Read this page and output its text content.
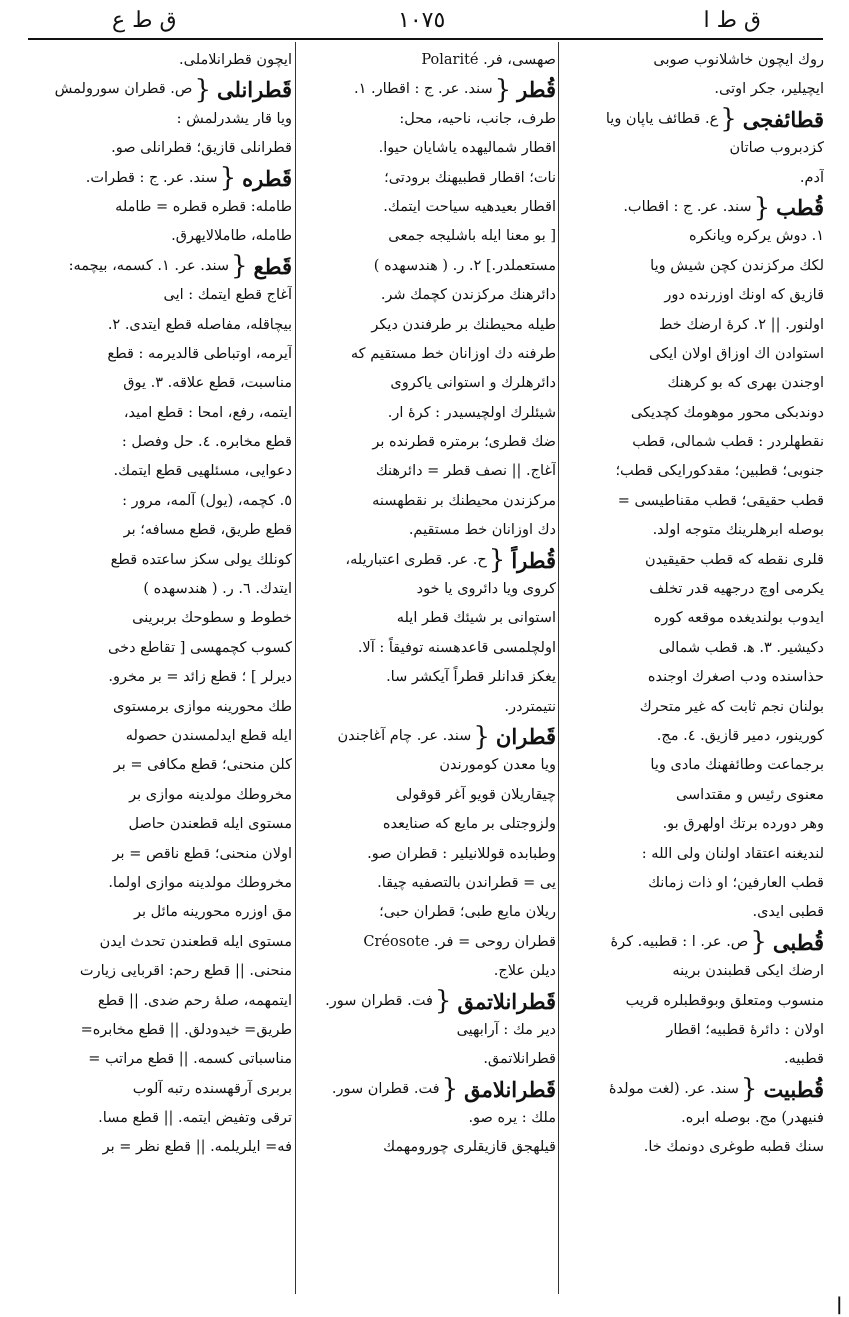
ق ط ع	١٠٧٥	ق ط ا
روك ايچون خاشلانوب صوبى
ايچيلير، جكر اوتى.
قطائفجى
{
ع. قطائف ياپان ويا
كزدبروب صاتان
آدم.
قُطب
{
سند. عر. ج : اقطاب.
١. دوش يركره ويانكره
لكك مركزندن كچن شيش ويا
قازيق كه اونك اوزرنده دور
اولنور. || ٢. كرهٔ ارضك خط
استوادن اك اوزاق اولان ايكى
اوجندن بهرى كه بو كرهنك
دوندبكى محور موهومك كچديكى
نقطهلردر : قطب شمالى، قطب
جنوبى؛ قطبين؛ مقدكورايكى قطب؛
قطب حقيقى؛ قطب مقناطيسى =
بوصله ابرهلرينك متوجه اولد.
قلرى نقطه كه قطب حقيقيدن
يكرمى اوچ درجهيه قدر تخلف
ايدوب بولنديغده موقعه كوره
دكيشير. ٣. ﻫ. قطب شمالى
حذاسنده ودب اصغرك اوجنده
بولنان نجم ثابت كه غير متحرك
كورينور، دمير قازيق. ٤. مج.
برجماعت وطائفهنك مادى ويا
معنوى رئيس و مقتداسى
وهر دورده برتك اولهرق بو.
لنديغنه اعتقاد اولنان ولى الله :
قطب العارفين؛ او ذات زمانك
قطبى ايدى.
قُطبى
{
ص. عر. ا : قطبيه. كرهٔ
ارضك ايكى قطبندن برينه
منسوب ومتعلق وبوقطبلره قريب
اولان : دائرهٔ قطبيه؛ اقطار
قطبيه.
قُطبيت
{
سند. عر. (لغت مولدهٔ
فنيهدر) مج. بوصله ابره.
سنك قطبه طوغرى دونمك خا.
صهسى، فر. Polarité
قُطر
{
سند. عر. ج : اقطار. ١.
طرف، جانب، ناحيه، محل:
اقطار شماليهده ياشايان حيوا.
نات؛ اقطار قطبيهنك برودتى؛
اقطار بعيدهيه سياحت ايتمك.
[ بو معنا ايله باشليجه جمعى
مستعملدر.] ٢. ر. ( هندسهده )
دائرهنك مركزندن كچمك شر.
طيله محيطنك بر طرفندن ديكر
طرفنه دك اوزانان خط مستقيم كه
دائرهلرك و استوانى ياكروى
شيئلرك اولچيسيدر : كرهٔ ار.
ضك قطرى؛ برمتره قطرنده بر
آغاج. || نصف قطر = دائرهنك
مركزندن محيطنك بر نقطهسنه
دك اوزانان خط مستقيم.
قُطراً
{
ح. عر. قطرى اعتباريله،
كروى ويا دائروى يا خود
استوانى بر شيئك قطر ايله
اولچلمسى قاعدهسنه توفيقاً : آلا.
يغكز قدانلر قطراً آيكشر سا.
نتيمتردر.
قَطران
{
سند. عر. چام آغاجندن
ويا معدن كومورندن
چيقاريلان قويو آغر قوقولى
ولزوجتلى بر مايع كه صنايعده
وطبابده قوللانيلير : قطران صو.
يى = قطراندن بالتصفيه چيقا.
ريلان مايع طبى؛ قطران حبى؛
قطران روحى = فر. Créosote
ديلن علاج.
قَطرانلاتمق
{
فت. قطران سور.
دير مك : آرابهيى
قطرانلاتمق.
قَطرانلامق
{
فت. قطران سور.
ملك : يره صو.
قيلهجق قازيقلرى چورومهمك
ايچون قطرانلاملى.
قَطرانلى
{
ص. قطران سورولمش
ويا قار يشدرلمش :
قطرانلى قازيق؛ قطرانلى صو.
قَطره
{
سند. عر. ج : قطرات.
طامله: قطره قطره = طامله
طامله، طاملالايهرق.
قَطع
{
سند. عر. ١. كسمه، بيچمه:
آغاج قطع ايتمك : ايى
بيچاقله، مفاصله قطع ايتدى. ٢.
آيرمه، اوتباطى قالديرمه : قطع
مناسبت، قطع علاقه. ٣. يوق
ايتمه، رفع، امحا : قطع اميد،
قطع مخابره. ٤. حل وفصل :
دعوايى، مسئلهيى قطع ايتمك.
٥. كچمه، (يول) آلمه، مرور :
قطع طريق، قطع مسافه؛ بر
كونلك يولى سكز ساعتده قطع
ايتدك. ٦. ر. ( هندسهده )
خطوط و سطوحك بربرينى
كسوب كچمهسى [ تقاطع دخى
ديرلر ] ؛ قطع زائد = بر مخرو.
طك محورينه موازى برمستوى
ايله قطع ايدلمسندن حصوله
كلن منحنى؛ قطع مكافى = بر
مخروطك مولدينه موازى بر
مستوى ايله قطعندن حاصل
اولان منحنى؛ قطع ناقص = بر
مخروطك مولدينه موازى اولما.
مق اوزره محورينه مائل بر
مستوى ايله قطعندن تحدث ايدن
منحنى. || قطع رحم: اقربايى زيارت
ايتمهمه، صلهٔ رحم ضدى. || قطع
طريق= خيدودلق. || قطع مخابره=
مناسباتى كسمه. || قطع مراتب =
بربرى آرقهسنده رتبه آلوب
ترقى وتفيض ايتمه. || قطع مسا.
فه= ايلريلمه. || قطع نظر = بر
|
